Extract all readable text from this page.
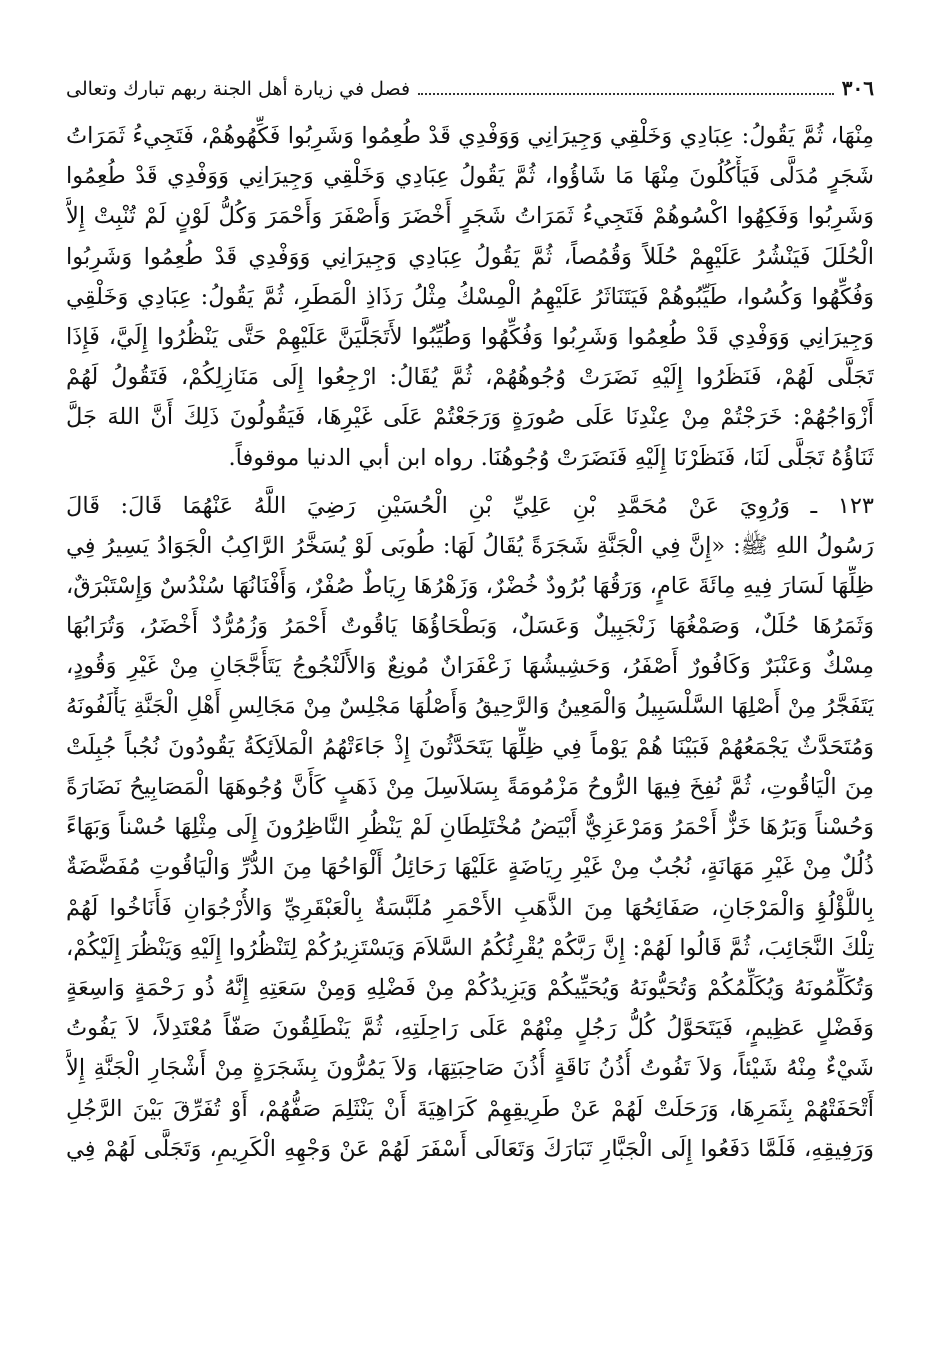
٣٠٦
فصل في زيارة أهل الجنة ربهم تبارك وتعالى
مِنْهَا، ثُمَّ يَقُولُ: عِبَادِي وَخَلْقِي وَجِيرَانِي وَوَفْدِي قَدْ طُعِمُوا وَشَرِبُوا فَكِّهُوهُمْ، فَتَجِيءُ ثَمَرَاتُ
شَجَرٍ مُدَلًّى فَيَأْكُلُونَ مِنْهَا مَا شَاؤُوا، ثُمَّ يَقُولُ عِبَادِي وَخَلْقِي وَجِيرَانِي وَوَفْدِي قَدْ طُعِمُوا
وَشَرِبُوا وَفَكِهُوا اكْسُوهُمْ فَتَجِيءُ ثَمَرَاتُ شَجَرٍ أَخْضَرَ وَأَصْفَرَ وَأَحْمَرَ وَكُلُّ لَوْنٍ لَمْ تُنْبِتْ إِلاَّ
الْحُلَلَ فَيَنْشُرُ عَلَيْهِمْ حُلَلاً وَقُمُصاً، ثُمَّ يَقُولُ عِبَادِي وَجِيرَانِي وَوَفْدِي قَدْ طُعِمُوا وَشَرِبُوا
وَفُكِّهُوا وَكُسُوا، طَيِّبُوهُمْ فَيَتَنَاثَرُ عَلَيْهِمُ الْمِسْكُ مِثْلُ رَذَاذِ الْمَطَرِ، ثُمَّ يَقُولُ: عِبَادِي وَخَلْقِي
وَجِيرَانِي وَوَفْدِي قَدْ طُعِمُوا وَشَرِبُوا وَفُكِّهُوا وَطُيِّبُوا لأَتَجَلَّيَنَّ عَلَيْهِمْ حَتَّى يَنْظُرُوا إِلَيَّ، فَإِذَا
تَجَلَّى لَهُمْ، فَنَظَرُوا إِلَيْهِ نَضَرَتْ وُجُوهُهُمْ، ثُمَّ يُقَالُ: ارْجِعُوا إِلَى مَنَازِلِكُمْ، فَتَقُولُ لَهُمْ
أَزْوَاجُهُمْ: خَرَجْتُمْ مِنْ عِنْدِنَا عَلَى صُورَةٍ وَرَجَعْتُمْ عَلَى غَيْرِهَا، فَيَقُولُونَ ذَلِكَ أَنَّ اللهَ جَلَّ
ثَنَاؤُهُ تَجَلَّى لَنَا، فَنَظَرْنَا إِلَيْهِ فَنَضَرَتْ وُجُوهُنَا. رواه ابن أبي الدنيا موقوفاً.
١٢٣ ـ وَرُوِيَ عَنْ مُحَمَّدِ بْنِ عَلِيِّ بْنِ الْحُسَيْنِ رَضِيَ اللَّهُ عَنْهُمَا قَالَ: قَالَ
رَسُولُ اللهِ ﷺ: «إِنَّ فِي الْجَنَّةِ شَجَرَةً يُقَالُ لَهَا: طُوبَى لَوْ يُسَخَّرُ الرَّاكِبُ الْجَوَادُ يَسِيرُ فِي
ظِلِّهَا لَسَارَ فِيهِ مِائَةَ عَامٍ، وَرَقُهَا بُرُودٌ خُضْرٌ، وَزَهْرُهَا رِيَاطٌ صُفْرٌ، وَأَفْنَانُهَا سُنْدُسٌ وَإِسْتَبْرَقٌ،
وَثَمَرُهَا حُلَلٌ، وَصَمْغُهَا زَنْجَبِيلٌ وَعَسَلٌ، وَبَطْحَاؤُهَا يَاقُوتٌ أَحْمَرُ وَزُمُرُّدٌ أَخْضَرُ، وَتُرَابُهَا
مِسْكٌ وَعَنْبَرٌ وَكَافُورٌ أَصْفَرُ، وَحَشِيشُهَا زَعْفَرَانٌ مُونِعٌ وَالأَلَنْجُوجُ يَتَأَجَّجَانِ مِنْ غَيْرِ وَقُودٍ،
يَتَفَجَّرُ مِنْ أَصْلِهَا السَّلْسَبِيلُ وَالْمَعِينُ وَالرَّحِيقُ وَأَصْلُهَا مَجْلِسٌ مِنْ مَجَالِسِ أَهْلِ الْجَنَّةِ يَأْلَفُونَهُ
وَمُتَحَدَّثٌ يَجْمَعُهُمْ فَبَيْنَا هُمْ يَوْماً فِي ظِلِّهَا يَتَحَدَّثُونَ إِذْ جَاءَتْهُمُ الْمَلاَئِكَةُ يَقُودُونَ نُجُباً جُبِلَتْ
مِنَ الْيَاقُوتِ، ثُمَّ نُفِخَ فِيهَا الرُّوحُ مَزْمُومَةً بِسَلاَسِلَ مِنْ ذَهَبٍ كَأَنَّ وُجُوهَهَا الْمَصَابِيحُ نَضَارَةً
وَحُسْناً وَبَرُهَا خَزٌّ أَحْمَرُ وَمَرْعَزِيٌّ أَبْيَضُ مُخْتَلِطَانِ لَمْ يَنْظُرِ النَّاظِرُونَ إِلَى مِثْلِهَا حُسْناً وَبَهَاءً
ذُلُلٌ مِنْ غَيْرِ مَهَانَةٍ، نُجُبٌ مِنْ غَيْرِ رِيَاضَةٍ عَلَيْهَا رَحَائِلُ أَلْوَاحُهَا مِنَ الدُّرِّ وَالْيَاقُوتِ مُفَضَّضَةٌ
بِاللُّؤْلُؤِ وَالْمَرْجَانِ، صَفَائِحُهَا مِنَ الذَّهَبِ الأَحْمَرِ مُلَبَّسَةٌ بِالْعَبْقَرِيِّ وَالأُرْجُوَانِ فَأَنَاخُوا لَهُمْ
تِلْكَ النَّجَائِبَ، ثُمَّ قَالُوا لَهُمْ: إِنَّ رَبَّكُمْ يُقْرِئُكُمُ السَّلاَمَ وَيَسْتَزِيرُكُمْ لِتَنْظُرُوا إِلَيْهِ وَيَنْظُرَ إِلَيْكُمْ،
وَتُكَلِّمُونَهُ وَيُكَلِّمُكُمْ وَتُحَيُّونَهُ وَيُحَيِّيكُمْ وَيَزِيدُكُمْ مِنْ فَضْلِهِ وَمِنْ سَعَتِهِ إِنَّهُ ذُو رَحْمَةٍ وَاسِعَةٍ
وَفَضْلٍ عَظِيمٍ، فَيَتَحَوَّلُ كُلُّ رَجُلٍ مِنْهُمْ عَلَى رَاحِلَتِهِ، ثُمَّ يَنْطَلِقُونَ صَفّاً مُعْتَدِلاً، لاَ يَفُوتُ
شَيْءٌ مِنْهُ شَيْئاً، وَلاَ تَفُوتُ أُذُنُ نَاقَةٍ أُذُنَ صَاحِبَتِهَا، وَلاَ يَمُرُّونَ بِشَجَرَةٍ مِنْ أَشْجَارِ الْجَنَّةِ إِلاَّ
أَتْحَفَتْهُمْ بِثَمَرِهَا، وَرَحَلَتْ لَهُمْ عَنْ طَرِيقِهِمْ كَرَاهِيَةَ أَنْ يَنْثَلِمَ صَفُّهُمْ، أَوْ تُفَرِّقَ بَيْنَ الرَّجُلِ
وَرَفِيقِهِ، فَلَمَّا دَفَعُوا إِلَى الْجَبَّارِ تَبَارَكَ وَتَعَالَى أَسْفَرَ لَهُمْ عَنْ وَجْهِهِ الْكَرِيمِ، وَتَجَلَّى لَهُمْ فِي
